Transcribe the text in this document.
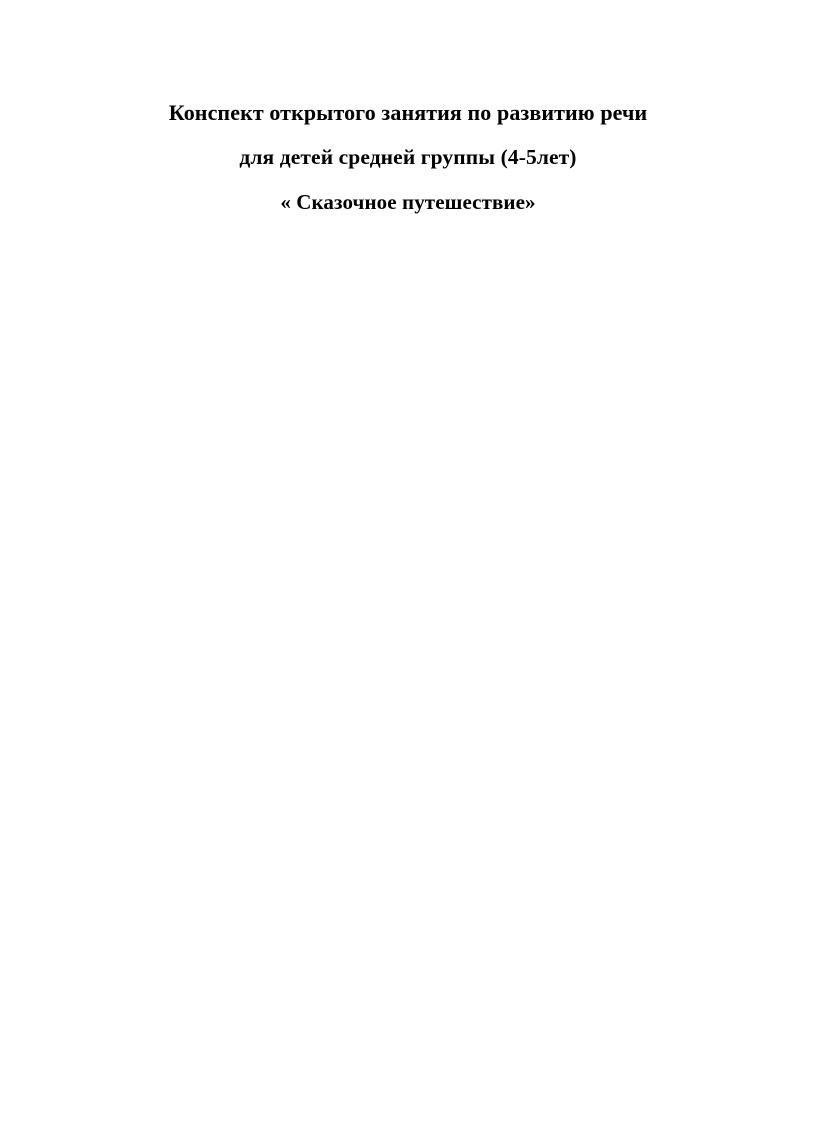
Конспект открытого занятия по развитию речи
для детей средней группы (4-5лет)
« Сказочное путешествие»
